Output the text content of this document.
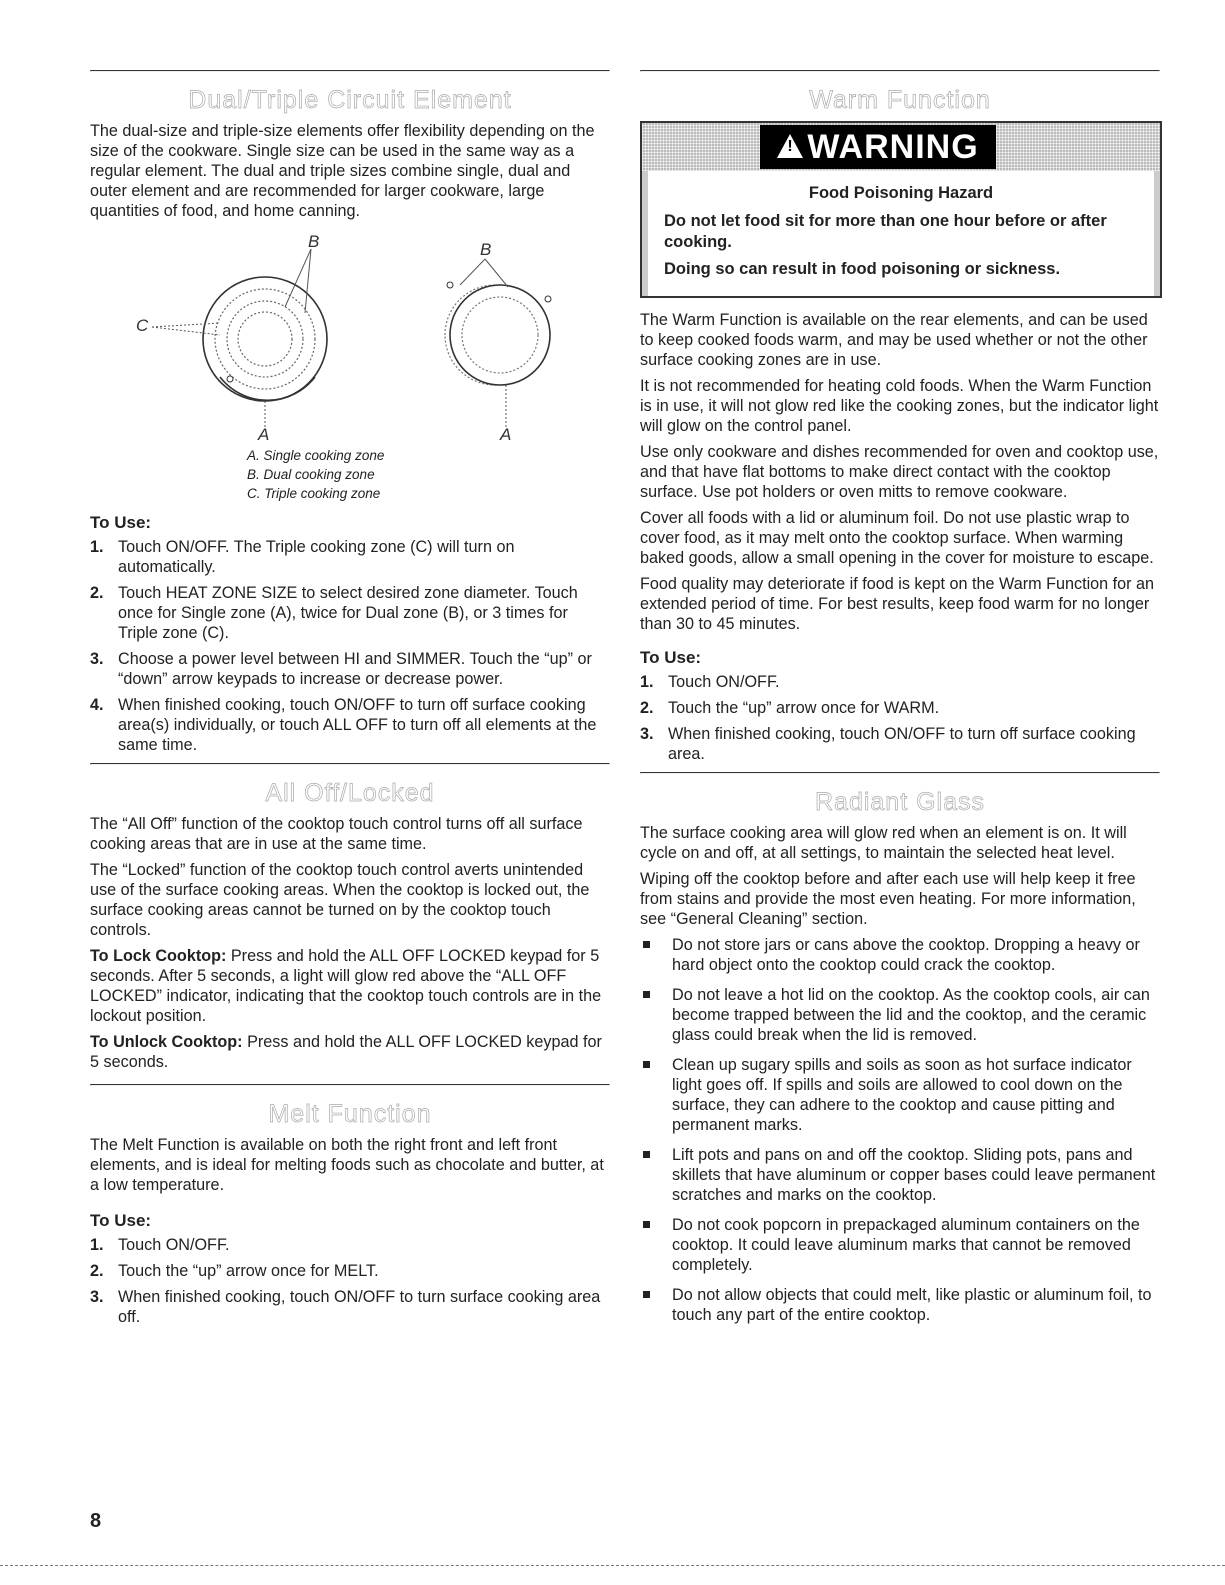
Dual/Triple Circuit Element

The dual-size and triple-size elements offer flexibility depending on the size of the cookware. Single size can be used in the same way as a regular element. The dual and triple sizes combine single, dual and outer element and are recommended for larger cookware, large quantities of food, and home canning.

B
C
A
B
A
A. Single cooking zone
B. Dual cooking zone
C. Triple cooking zone
To Use:
1. Touch ON/OFF. The Triple cooking zone (C) will turn on automatically.
2. Touch HEAT ZONE SIZE to select desired zone diameter. Touch once for Single zone (A), twice for Dual zone (B), or 3 times for Triple zone (C).
3. Choose a power level between HI and SIMMER. Touch the “up” or “down” arrow keypads to increase or decrease power.
4. When finished cooking, touch ON/OFF to turn off surface cooking area(s) individually, or touch ALL OFF to turn off all elements at the same time.
All Off/Locked

The “All Off” function of the cooktop touch control turns off all surface cooking areas that are in use at the same time.

The “Locked” function of the cooktop touch control averts unintended use of the surface cooking areas. When the cooktop is locked out, the surface cooking areas cannot be turned on by the cooktop touch controls.

To Lock Cooktop: Press and hold the ALL OFF LOCKED keypad for 5 seconds. After 5 seconds, a light will glow red above the “ALL OFF LOCKED” indicator, indicating that the cooktop touch controls are in the lockout position.

To Unlock Cooktop: Press and hold the ALL OFF LOCKED keypad for 5 seconds.

Melt Function

The Melt Function is available on both the right front and left front elements, and is ideal for melting foods such as chocolate and butter, at a low temperature.

To Use:
1. Touch ON/OFF.
2. Touch the “up” arrow once for MELT.
3. When finished cooking, touch ON/OFF to turn surface cooking area off.
Warm Function
!WARNING

Food Poisoning Hazard

Do not let food sit for more than one hour before or after cooking.

Doing so can result in food poisoning or sickness.

The Warm Function is available on the rear elements, and can be used to keep cooked foods warm, and may be used whether or not the other surface cooking zones are in use.

It is not recommended for heating cold foods. When the Warm Function is in use, it will not glow red like the cooking zones, but the indicator light will glow on the control panel.

Use only cookware and dishes recommended for oven and cooktop use, and that have flat bottoms to make direct contact with the cooktop surface. Use pot holders or oven mitts to remove cookware.

Cover all foods with a lid or aluminum foil. Do not use plastic wrap to cover food, as it may melt onto the cooktop surface. When warming baked goods, allow a small opening in the cover for moisture to escape.

Food quality may deteriorate if food is kept on the Warm Function for an extended period of time. For best results, keep food warm for no longer than 30 to 45 minutes.

To Use:
1. Touch ON/OFF.
2. Touch the “up” arrow once for WARM.
3. When finished cooking, touch ON/OFF to turn off surface cooking area.
Radiant Glass

The surface cooking area will glow red when an element is on. It will cycle on and off, at all settings, to maintain the selected heat level.

Wiping off the cooktop before and after each use will help keep it free from stains and provide the most even heating. For more information, see “General Cleaning” section.

Do not store jars or cans above the cooktop. Dropping a heavy or hard object onto the cooktop could crack the cooktop.
Do not leave a hot lid on the cooktop. As the cooktop cools, air can become trapped between the lid and the cooktop, and the ceramic glass could break when the lid is removed.
Clean up sugary spills and soils as soon as hot surface indicator light goes off. If spills and soils are allowed to cool down on the surface, they can adhere to the cooktop and cause pitting and permanent marks.
Lift pots and pans on and off the cooktop. Sliding pots, pans and skillets that have aluminum or copper bases could leave permanent scratches and marks on the cooktop.
Do not cook popcorn in prepackaged aluminum containers on the cooktop. It could leave aluminum marks that cannot be removed completely.
Do not allow objects that could melt, like plastic or aluminum foil, to touch any part of the entire cooktop.
8
